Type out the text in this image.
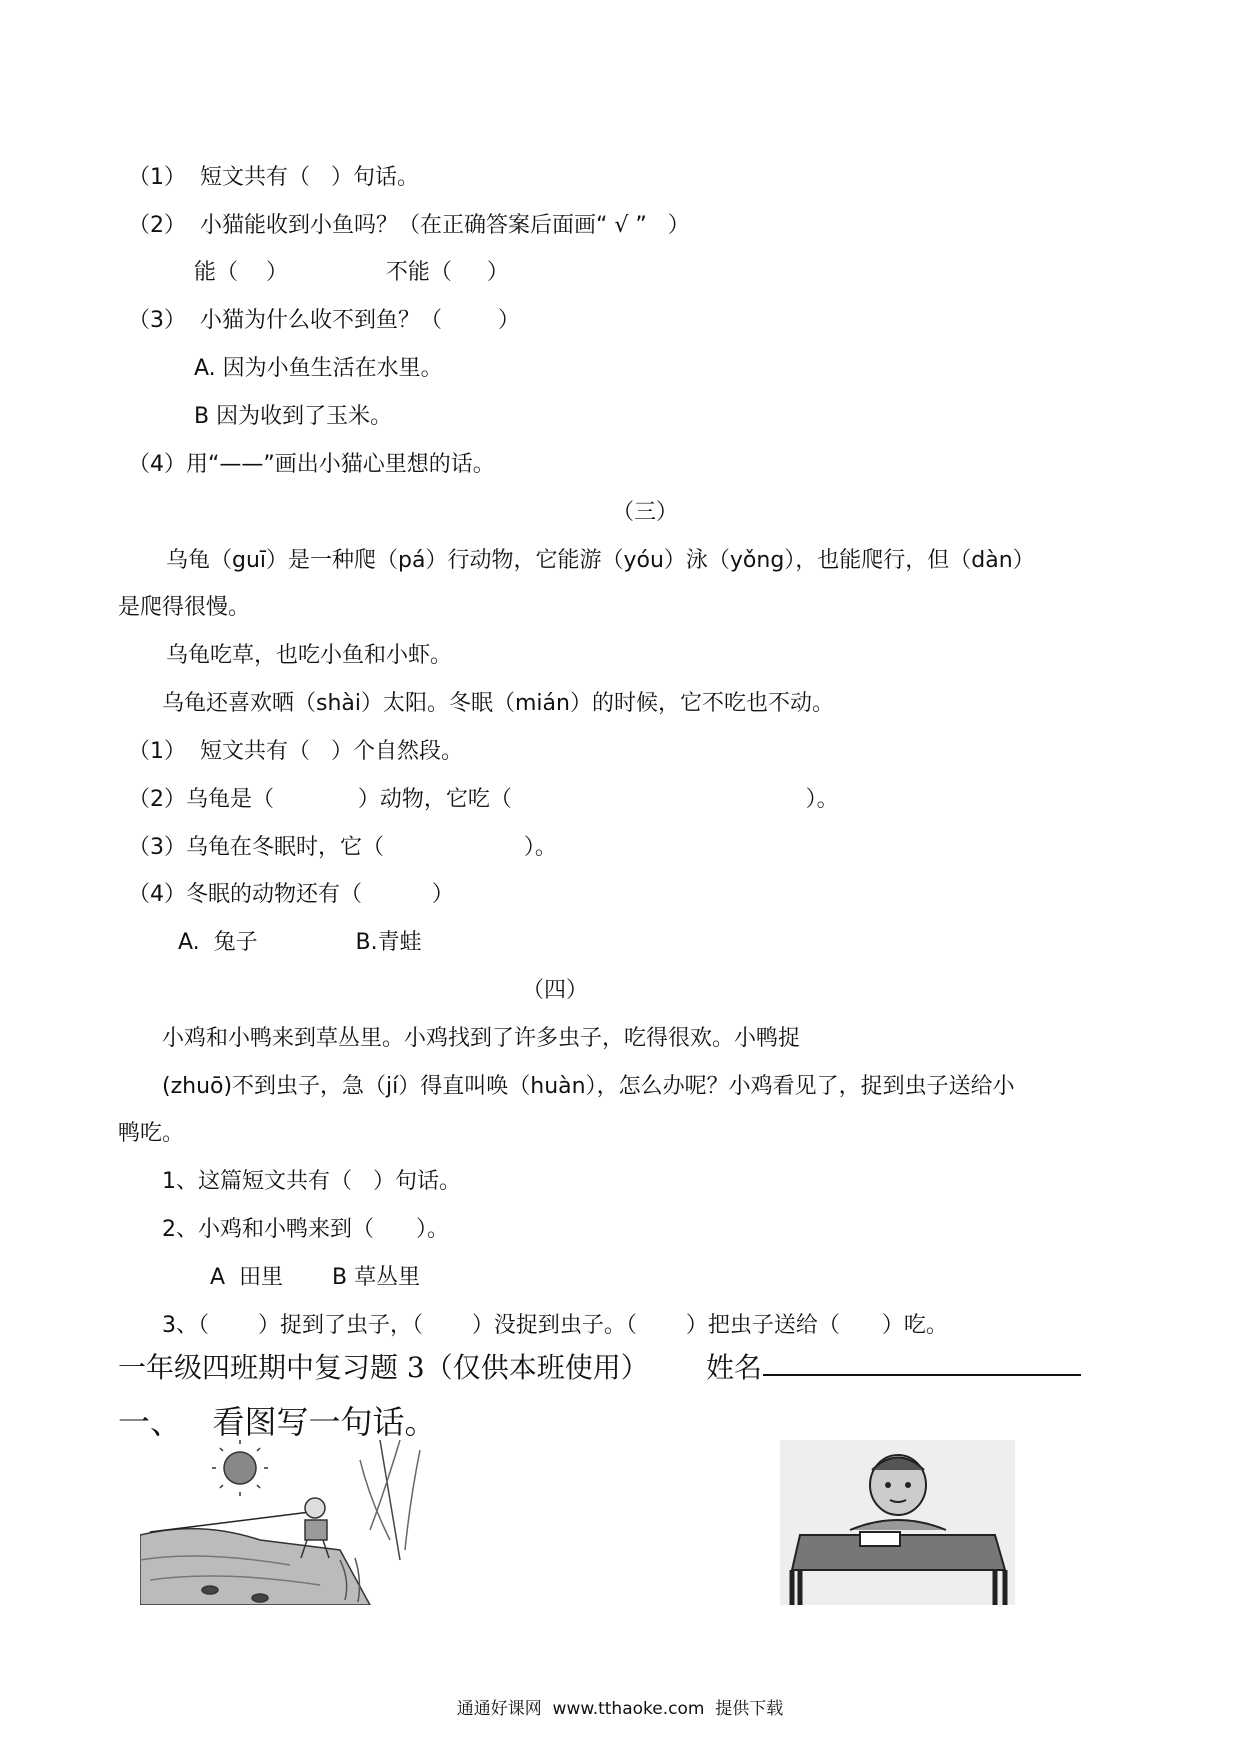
（1）  短文共有（   ）句话。
（2）  小猫能收到小鱼吗？（在正确答案后面画“ √ ”   ）
能（    ）              不能（     ）
（3）  小猫为什么收不到鱼？（        ）
A. 因为小鱼生活在水里。
B 因为收到了玉米。
（4）用“——”画出小猫心里想的话。
（三）
乌龟（guī）是一种爬（pá）行动物，它能游（yóu）泳（yǒng），也能爬行，但（dàn）
是爬得很慢。
乌龟吃草，也吃小鱼和小虾。
乌龟还喜欢晒（shài）太阳。冬眠（mián）的时候，它不吃也不动。
（1）  短文共有（   ）个自然段。
（2）乌龟是（            ）动物，它吃（                                          ）。
（3）乌龟在冬眠时，它（                    ）。
（4）冬眠的动物还有（          ）
A.  兔子              B.青蛙
（四）
小鸡和小鸭来到草丛里。小鸡找到了许多虫子，吃得很欢。小鸭捉
(zhuō)不到虫子，急（jí）得直叫唤（huàn），怎么办呢？小鸡看见了，捉到虫子送给小
鸭吃。
1、这篇短文共有（   ）句话。
2、小鸡和小鸭来到（      ）。
A  田里       B 草丛里
3、（       ）捉到了虫子，（       ）没捉到虫子。（       ）把虫子送给（      ）吃。
一年级四班期中复习题 3（仅供本班使用） 姓名
一、   看图写一句话。
通通好课网  www.tthaoke.com  提供下载
